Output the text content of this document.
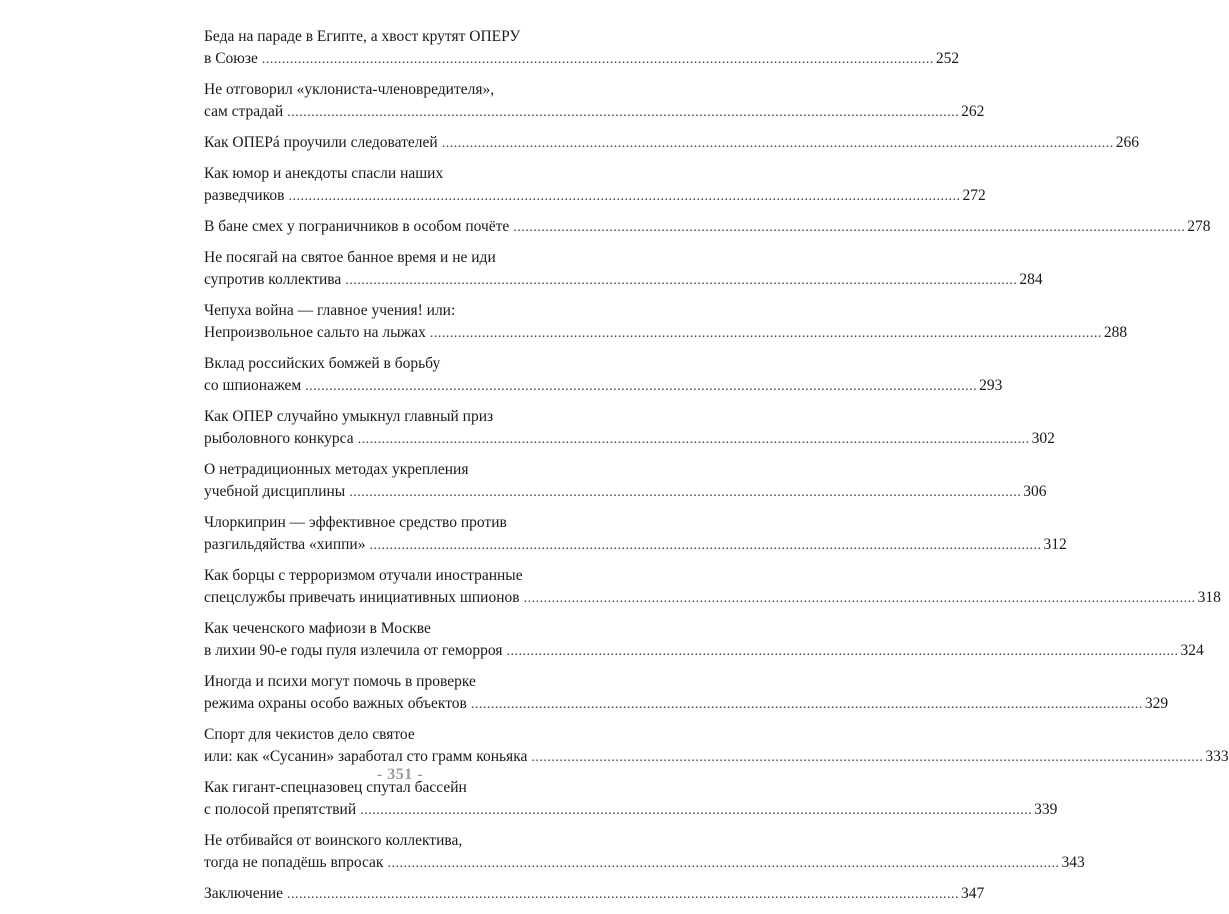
Беда на параде в Египте, а хвост крутят ОПЕРУ
в Союзе .....	252
Не отговорил «уклониста-членовредителя»,
сам страдай .....	262
Как ОПЕРá проучили следователей .....	266
Как юмор и анекдоты спасли наших
разведчиков .....	272
В бане смех у пограничников в особом почёте .....	278
Не посягай на святое банное время и не иди
супротив коллектива .....	284
Чепуха война — главное учения! или:
Непроизвольное сальто на лыжах .....	288
Вклад российских бомжей в борьбу
со шпионажем .....	293
Как ОПЕР случайно умыкнул главный приз
рыболовного конкурса .....	302
О нетрадиционных методах укрепления
учебной дисциплины .....	306
Члоркиприн — эффективное средство против
разгильдяйства «хиппи» .....	312
Как борцы с терроризмом отучали иностранные
спецслужбы привечать инициативных шпионов .....	318
Как чеченского мафиози в Москве
в лихии 90-е годы пуля излечила от геморроя .....	324
Иногда и психи могут помочь в проверке
режима охраны особо важных объектов .....	329
Спорт для чекистов дело святое
или: как «Сусанин» заработал сто грамм коньяка .....	333
Как гигант-спецназовец спутал бассейн
с полосой препятствий .....	339
Не отбивайся от воинского коллектива,
тогда не попадёшь впросак .....	343
Заключение .....	347
- 351 -
